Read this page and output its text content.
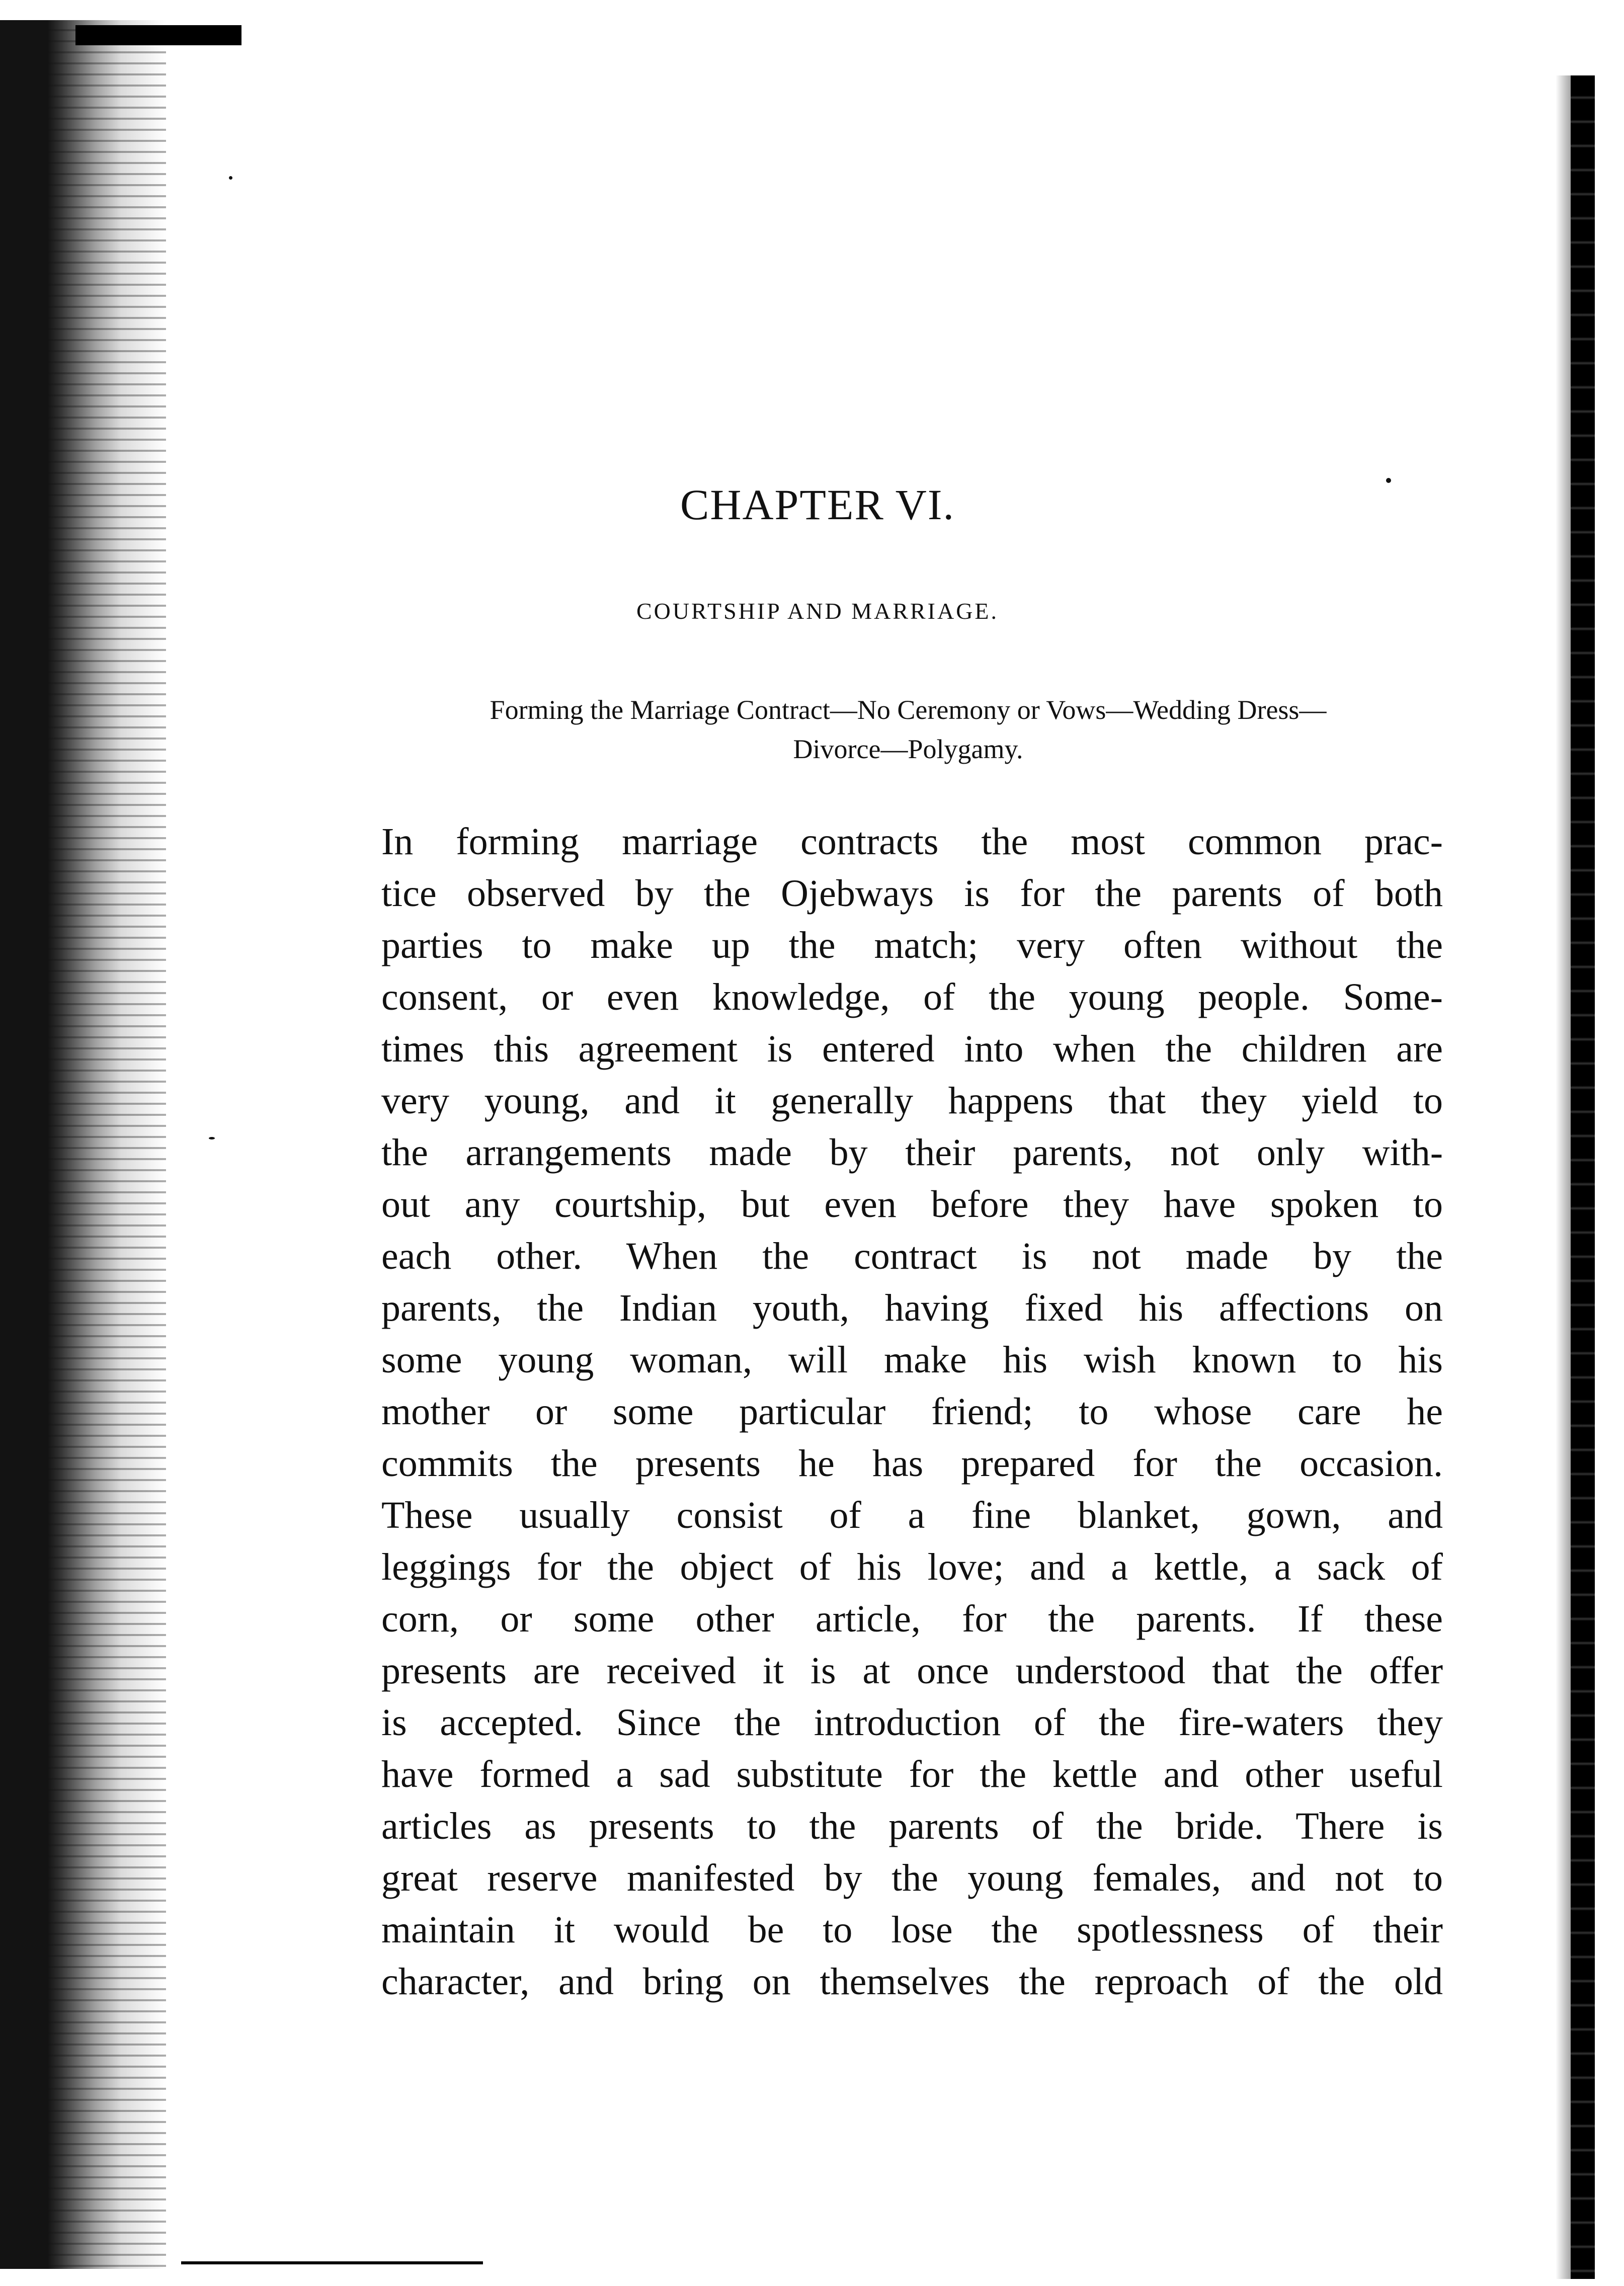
CHAPTER VI.
COURTSHIP AND MARRIAGE.
Forming the Marriage Contract—No Ceremony or Vows—Wedding Dress—
Divorce—Polygamy.
In forming marriage contracts the most common prac-
tice observed by the Ojebways is for the parents of both
parties to make up the match; very often without the
consent, or even knowledge, of the young people. Some-
times this agreement is entered into when the children are
very young, and it generally happens that they yield to
the arrangements made by their parents, not only with-
out any courtship, but even before they have spoken to
each other. When the contract is not made by the
parents, the Indian youth, having fixed his affections on
some young woman, will make his wish known to his
mother or some particular friend; to whose care he
commits the presents he has prepared for the occasion.
These usually consist of a fine blanket, gown, and
leggings for the object of his love; and a kettle, a sack of
corn, or some other article, for the parents. If these
presents are received it is at once understood that the offer
is accepted. Since the introduction of the fire-waters they
have formed a sad substitute for the kettle and other useful
articles as presents to the parents of the bride. There is
great reserve manifested by the young females, and not to
maintain it would be to lose the spotlessness of their
character, and bring on themselves the reproach of the old
